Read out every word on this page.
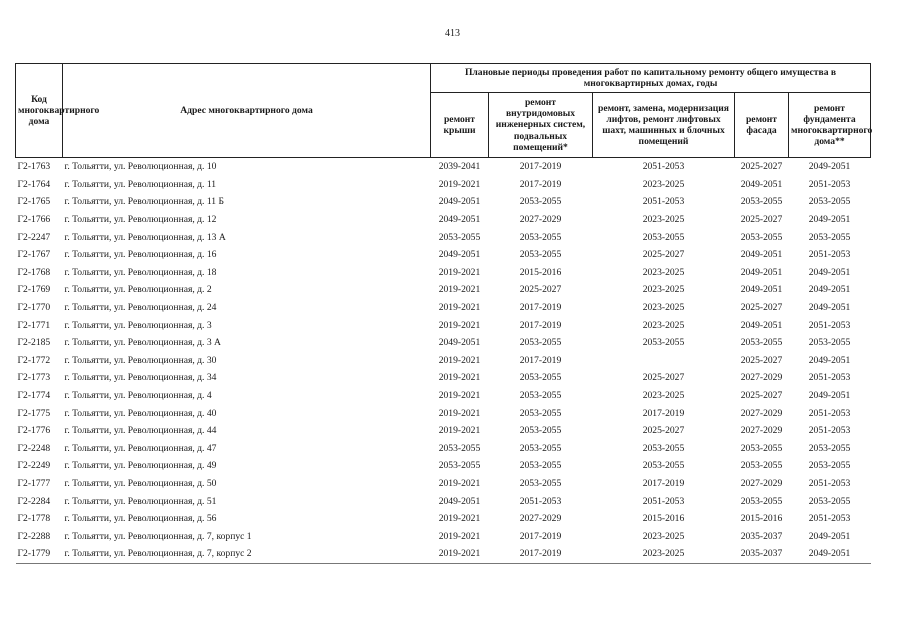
413
Код многоквартирного дома	Адрес многоквартирного дома	Плановые периоды проведения работ по капитальному ремонту общего имущества в многоквартирных домах, годы				
		ремонт крыши	ремонт внутридомовых инженерных систем, подвальных помещений*	ремонт, замена, модернизация лифтов, ремонт лифтовых шахт, машинных и блочных помещений	ремонт фасада	ремонт фундамента многоквартирного дома**
Г2-1763	г. Тольятти, ул. Революционная, д. 10	2039-2041	2017-2019	2051-2053	2025-2027	2049-2051
Г2-1764	г. Тольятти, ул. Революционная, д. 11	2019-2021	2017-2019	2023-2025	2049-2051	2051-2053
Г2-1765	г. Тольятти, ул. Революционная, д. 11 Б	2049-2051	2053-2055	2051-2053	2053-2055	2053-2055
Г2-1766	г. Тольятти, ул. Революционная, д. 12	2049-2051	2027-2029	2023-2025	2025-2027	2049-2051
Г2-2247	г. Тольятти, ул. Революционная, д. 13 А	2053-2055	2053-2055	2053-2055	2053-2055	2053-2055
Г2-1767	г. Тольятти, ул. Революционная, д. 16	2049-2051	2053-2055	2025-2027	2049-2051	2051-2053
Г2-1768	г. Тольятти, ул. Революционная, д. 18	2019-2021	2015-2016	2023-2025	2049-2051	2049-2051
Г2-1769	г. Тольятти, ул. Революционная, д. 2	2019-2021	2025-2027	2023-2025	2049-2051	2049-2051
Г2-1770	г. Тольятти, ул. Революционная, д. 24	2019-2021	2017-2019	2023-2025	2025-2027	2049-2051
Г2-1771	г. Тольятти, ул. Революционная, д. 3	2019-2021	2017-2019	2023-2025	2049-2051	2051-2053
Г2-2185	г. Тольятти, ул. Революционная, д. 3 А	2049-2051	2053-2055	2053-2055	2053-2055	2053-2055
Г2-1772	г. Тольятти, ул. Революционная, д. 30	2019-2021	2017-2019		2025-2027	2049-2051
Г2-1773	г. Тольятти, ул. Революционная, д. 34	2019-2021	2053-2055	2025-2027	2027-2029	2051-2053
Г2-1774	г. Тольятти, ул. Революционная, д. 4	2019-2021	2053-2055	2023-2025	2025-2027	2049-2051
Г2-1775	г. Тольятти, ул. Революционная, д. 40	2019-2021	2053-2055	2017-2019	2027-2029	2051-2053
Г2-1776	г. Тольятти, ул. Революционная, д. 44	2019-2021	2053-2055	2025-2027	2027-2029	2051-2053
Г2-2248	г. Тольятти, ул. Революционная, д. 47	2053-2055	2053-2055	2053-2055	2053-2055	2053-2055
Г2-2249	г. Тольятти, ул. Революционная, д. 49	2053-2055	2053-2055	2053-2055	2053-2055	2053-2055
Г2-1777	г. Тольятти, ул. Революционная, д. 50	2019-2021	2053-2055	2017-2019	2027-2029	2051-2053
Г2-2284	г. Тольятти, ул. Революционная, д. 51	2049-2051	2051-2053	2051-2053	2053-2055	2053-2055
Г2-1778	г. Тольятти, ул. Революционная, д. 56	2019-2021	2027-2029	2015-2016	2015-2016	2051-2053
Г2-2288	г. Тольятти, ул. Революционная, д. 7, корпус 1	2019-2021	2017-2019	2023-2025	2035-2037	2049-2051
Г2-1779	г. Тольятти, ул. Революционная, д. 7, корпус 2	2019-2021	2017-2019	2023-2025	2035-2037	2049-2051
